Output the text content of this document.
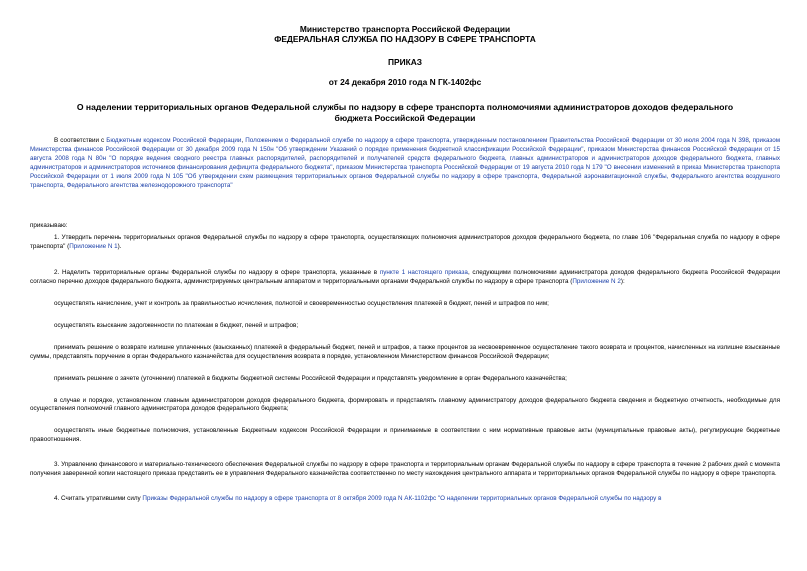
Министерство транспорта Российской Федерации
ФЕДЕРАЛЬНАЯ СЛУЖБА ПО НАДЗОРУ В СФЕРЕ ТРАНСПОРТА
ПРИКАЗ
от 24 декабря 2010 года N ГК-1402фс
О наделении территориальных органов Федеральной службы по надзору в сфере транспорта полномочиями администраторов доходов федерального бюджета Российской Федерации

В соответствии с Бюджетным кодексом Российской Федерации, Положением о Федеральной службе по надзору в сфере транспорта, утвержденным постановлением Правительства Российской Федерации от 30 июля 2004 года N 398, приказом Министерства финансов Российской Федерации от 30 декабря 2009 года N 150н "Об утверждении Указаний о порядке применения бюджетной классификации Российской Федерации", приказом Министерства финансов Российской Федерации от 15 августа 2008 года N 80н "О порядке ведения сводного реестра главных распорядителей, распорядителей и получателей средств федерального бюджета, главных администраторов и администраторов доходов федерального бюджета, главных администраторов и администраторов источников финансирования дефицита федерального бюджета", приказом Министерства транспорта Российской Федерации от 19 августа 2010 года N 179 "О внесении изменений в приказ Министерства транспорта Российской Федерации от 1 июля 2009 года N 105 "Об утверждении схем размещения территориальных органов Федеральной службы по надзору в сфере транспорта, Федеральной аэронавигационной службы, Федерального агентства воздушного транспорта, Федерального агентства железнодорожного транспорта"

приказываю:

1. Утвердить перечень территориальных органов Федеральной службы по надзору в сфере транспорта, осуществляющих полномочия администраторов доходов федерального бюджета, по главе 106 "Федеральная служба по надзору в сфере транспорта" (Приложение N 1).

2. Наделить территориальные органы Федеральной службы по надзору в сфере транспорта, указанные в пункте 1 настоящего приказа, следующими полномочиями администратора доходов федерального бюджета Российской Федерации согласно перечню доходов федерального бюджета, администрируемых центральным аппаратом и территориальными органами Федеральной службы по надзору в сфере транспорта (Приложение N 2):

осуществлять начисление, учет и контроль за правильностью исчисления, полнотой и своевременностью осуществления платежей в бюджет, пеней и штрафов по ним;

осуществлять взыскание задолженности по платежам в бюджет, пеней и штрафов;

принимать решение о возврате излишне уплаченных (взысканных) платежей в федеральный бюджет, пеней и штрафов, а также процентов за несвоевременное осуществление такого возврата и процентов, начисленных на излишне взысканные суммы, представлять поручение в орган Федерального казначейства для осуществления возврата в порядке, установленном Министерством финансов Российской Федерации;

принимать решение о зачете (уточнении) платежей в бюджеты бюджетной системы Российской Федерации и представлять уведомление в орган Федерального казначейства;

в случае и порядке, установленном главным администратором доходов федерального бюджета, формировать и представлять главному администратору доходов федерального бюджета сведения и бюджетную отчетность, необходимые для осуществления полномочий главного администратора доходов федерального бюджета;

осуществлять иные бюджетные полномочия, установленные Бюджетным кодексом Российской Федерации и принимаемые в соответствии с ним нормативные правовые акты (муниципальные правовые акты), регулирующие бюджетные правоотношения.

3. Управлению финансового и материально-технического обеспечения Федеральной службы по надзору в сфере транспорта и территориальным органам Федеральной службы по надзору в сфере транспорта в течение 2 рабочих дней с момента получения заверенной копии настоящего приказа представить ее в управления Федерального казначейства соответственно по месту нахождения центрального аппарата и территориальных органов Федеральной службы по надзору в сфере транспорта.

4. Считать утратившими силу Приказы Федеральной службы по надзору в сфере транспорта от 8 октября 2009 года N АК-1102фс "О наделении территориальных органов Федеральной службы по надзору в
